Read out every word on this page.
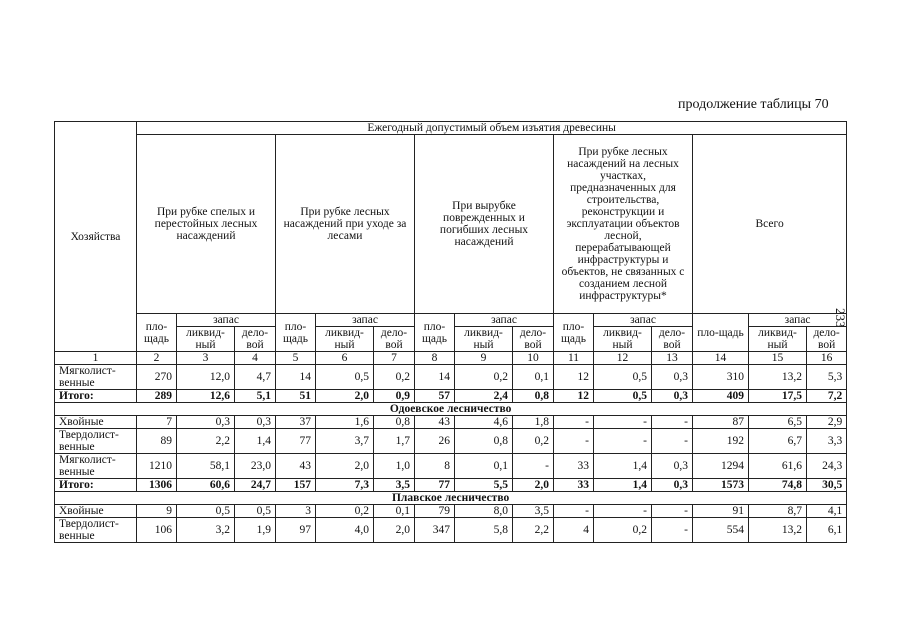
продолжение таблицы 70
233
Хозяйства	Ежегодный допустимый объем изъятия древесины														
	При рубке спелых и перестойных лесных насаждений			При рубке лесных насаждений при уходе за лесами			При вырубке поврежденных и погибших лесных насаждений			При рубке лесных насаждений на лесных участках, предназначенных для строительства, реконструкции и эксплуатации объектов лесной, перерабатывающей инфраструктуры и объектов, не связанных с созданием лесной инфраструктуры*			Всего		
	пло-щадь	запас		пло-щадь	запас		пло-щадь	запас		пло-щадь	запас		пло-щадь	запас	
		ликвид-ный	дело-вой		ликвид-ный	дело-вой		ликвид-ный	дело-вой		ликвид-ный	дело-вой		ликвид-ный	дело-вой
1	2	3	4	5	6	7	8	9	10	11	12	13	14	15	16
Мягколист-венные	270	12,0	4,7	14	0,5	0,2	14	0,2	0,1	12	0,5	0,3	310	13,2	5,3
Итого:	289	12,6	5,1	51	2,0	0,9	57	2,4	0,8	12	0,5	0,3	409	17,5	7,2
Одоевское лесничество															
Хвойные	7	0,3	0,3	37	1,6	0,8	43	4,6	1,8	-	-	-	87	6,5	2,9
Твердолист-венные	89	2,2	1,4	77	3,7	1,7	26	0,8	0,2	-	-	-	192	6,7	3,3
Мягколист-венные	1210	58,1	23,0	43	2,0	1,0	8	0,1	-	33	1,4	0,3	1294	61,6	24,3
Итого:	1306	60,6	24,7	157	7,3	3,5	77	5,5	2,0	33	1,4	0,3	1573	74,8	30,5
Плавское лесничество															
Хвойные	9	0,5	0,5	3	0,2	0,1	79	8,0	3,5	-	-	-	91	8,7	4,1
Твердолист-венные	106	3,2	1,9	97	4,0	2,0	347	5,8	2,2	4	0,2	-	554	13,2	6,1
